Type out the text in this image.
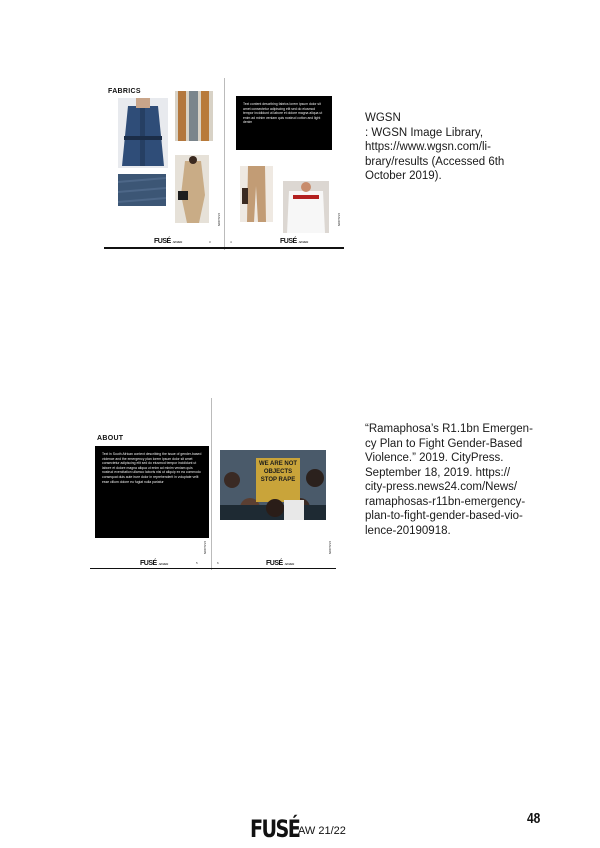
FABRICS
FASHION
FUSÉ AW 21/22	3
Text content describing fabrics lorem ipsum dolor sit amet consectetur adipiscing elit sed do eiusmod tempor incididunt ut labore et dolore magna aliqua ut enim ad minim veniam quis nostrud cotton and light denim
FASHION
4	FUSÉ AW 21/22
ABOUT
Text in South African context describing the issue of gender-based violence and the emergency plan lorem ipsum dolor sit amet consectetur adipiscing elit sed do eiusmod tempor incididunt ut labore et dolore magna aliqua ut enim ad minim veniam quis nostrud exercitation ullamco laboris nisi ut aliquip ex ea commodo consequat duis aute irure dolor in reprehenderit in voluptate velit esse cillum dolore eu fugiat nulla pariatur
FASHION
FUSÉ AW 21/22	5
WE ARE NOT
OBJECTS
STOP RAPE
FASHION
6	FUSÉ AW 21/22
WGSN
: WGSN Image Library,
https://www.wgsn.com/li-
brary/results (Accessed 6th
October 2019).
“Ramaphosa’s R1.1bn Emergen-
cy Plan to Fight Gender-Based
Violence.” 2019. CityPress.
September 18, 2019. https://
city-press.news24.com/News/
ramaphosas-r11bn-emergency-
plan-to-fight-gender-based-vio-
lence-20190918.
FUSÉ
AW 21/22
48
